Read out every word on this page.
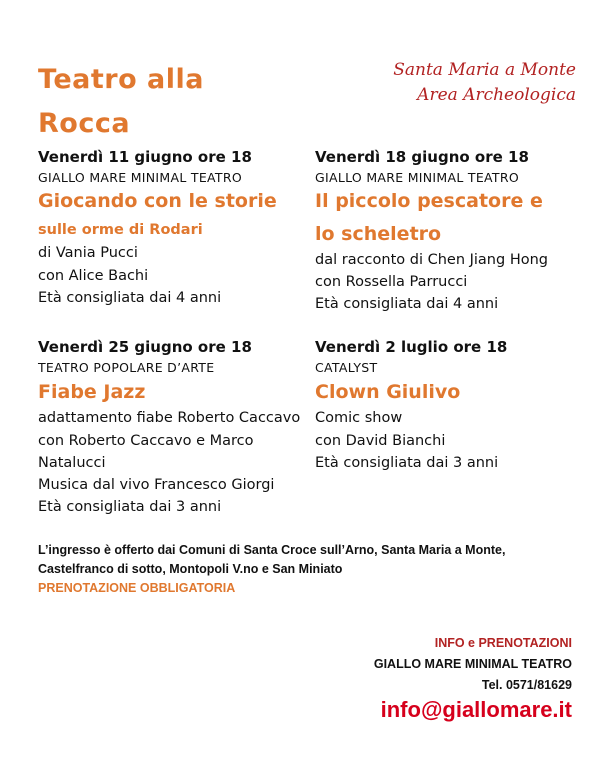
Teatro alla
Rocca
Santa Maria a Monte
Area Archeologica
Venerdì 11 giugno ore 18
GIALLO MARE MINIMAL TEATRO
Giocando con le storie
sulle orme di Rodari
di Vania Pucci
con Alice Bachi
Età consigliata dai 4 anni
Venerdì 18 giugno ore 18
GIALLO MARE MINIMAL TEATRO
Il piccolo pescatore e
lo scheletro
dal racconto di Chen Jiang Hong
con Rossella Parrucci
Età consigliata dai 4 anni
Venerdì 25 giugno ore 18
TEATRO POPOLARE D’ARTE
Fiabe Jazz
adattamento fiabe Roberto Caccavo
con Roberto Caccavo e Marco
Natalucci
Musica dal vivo Francesco Giorgi
Età consigliata dai 3 anni
Venerdì 2 luglio ore 18
CATALYST
Clown Giulivo
Comic show
con David Bianchi
Età consigliata dai 3 anni
L’ingresso è offerto dai Comuni di Santa Croce sull’Arno, Santa Maria a Monte,
Castelfranco di sotto, Montopoli V.no e San Miniato
PRENOTAZIONE OBBLIGATORIA
INFO e PRENOTAZIONI
GIALLO MARE MINIMAL TEATRO
Tel. 0571/81629
info@giallomare.it
